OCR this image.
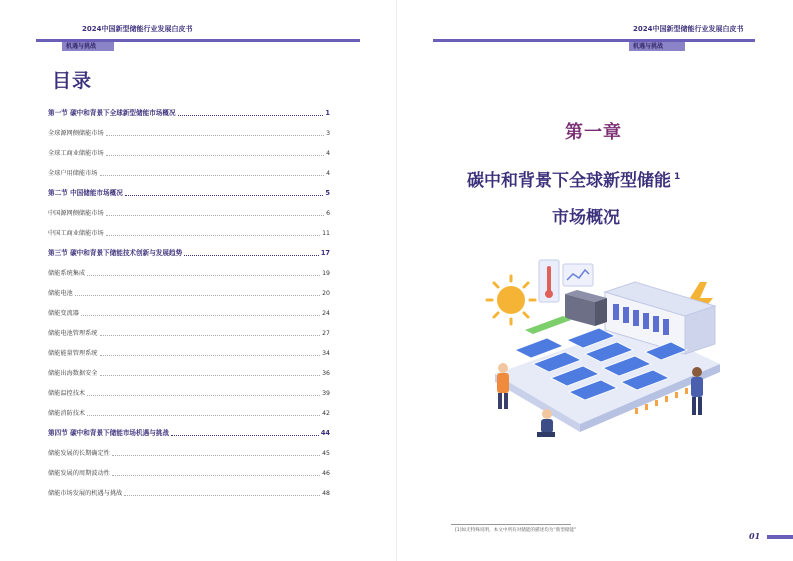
2024中国新型储能行业发展白皮书
机遇与挑战
目录
第一节 碳中和背景下全球新型储能市场概况	1
全球源网侧储能市场	3
全球工商业储能市场	4
全球户用储能市场	4
第二节 中国储能市场概况	5
中国源网侧储能市场	6
中国工商业储能市场	11
第三节 碳中和背景下储能技术创新与发展趋势	17
储能系统集成	19
储能电池	20
储能变流器	24
储能电池管理系统	27
储能能量管理系统	34
储能出海数据安全	36
储能温控技术	39
储能消防技术	42
第四节 碳中和背景下储能市场机遇与挑战	44
储能发展的长期确定性	45
储能发展的周期波动性	46
储能市场发展的机遇与挑战	48
2024中国新型储能行业发展白皮书
机遇与挑战
第一章
碳中和背景下全球新型储能 $^1$
市场概况
[1]如无特殊说明，本文中所有对储能的描述均为“新型储能”
01
